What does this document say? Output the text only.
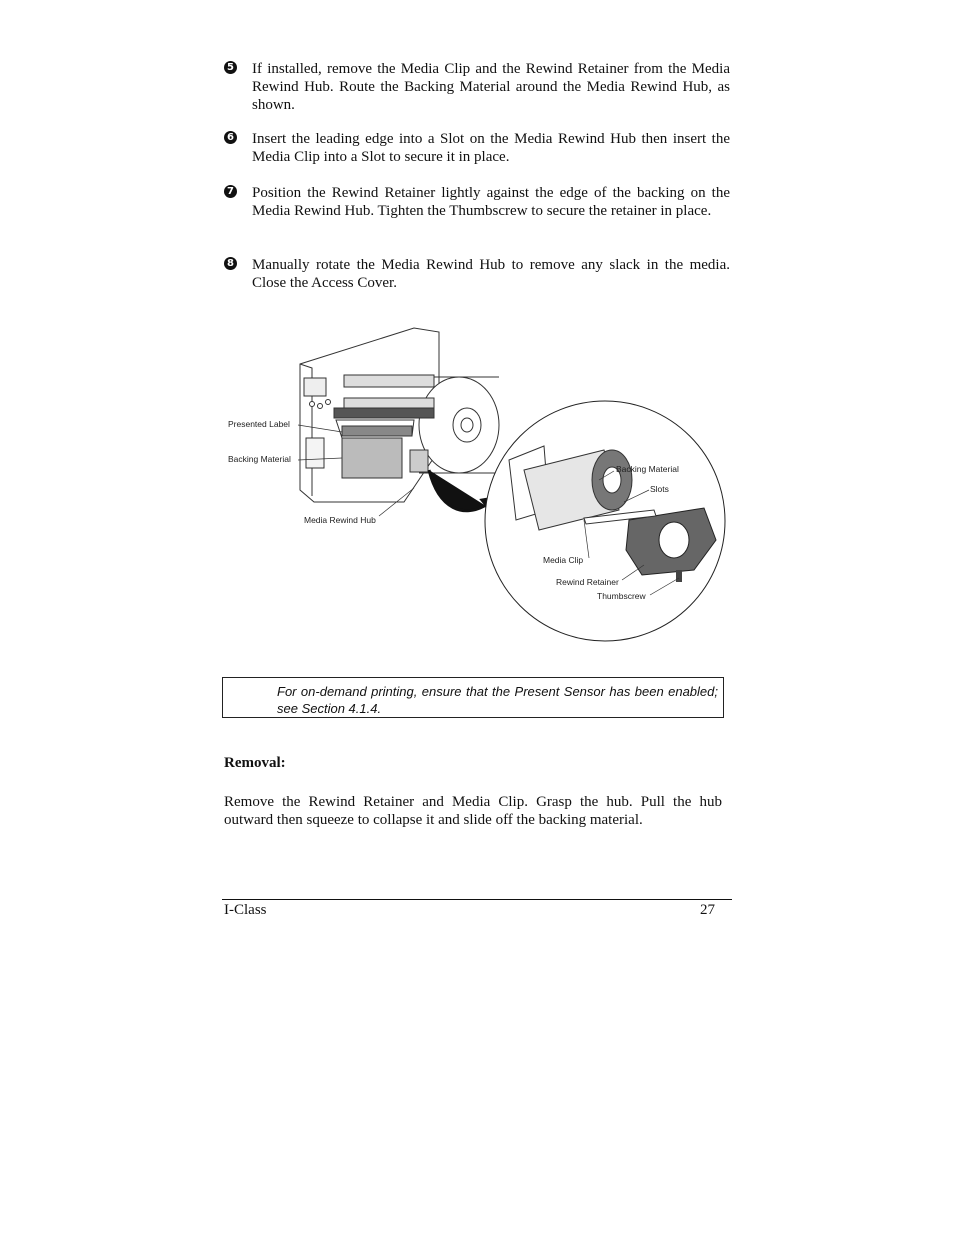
5 If installed, remove the Media Clip and the Rewind Retainer from the Media Rewind Hub. Route the Backing Material around the Media Rewind Hub, as shown.
6 Insert the leading edge into a Slot on the Media Rewind Hub then insert the Media Clip into a Slot to secure it in place.
7 Position the Rewind Retainer lightly against the edge of the backing on the Media Rewind Hub. Tighten the Thumbscrew to secure the retainer in place.
8 Manually rotate the Media Rewind Hub to remove any slack in the media. Close the Access Cover.
Presented Label
Backing Material
Media Rewind Hub
Backing Material
Slots
Media Clip
Rewind Retainer
Thumbscrew
For on-demand printing, ensure that the Present Sensor has been enabled; see Section 4.1.4.
Removal:
Remove the Rewind Retainer and Media Clip. Grasp the hub. Pull the hub outward then squeeze to collapse it and slide off the backing material.
I-Class	27
